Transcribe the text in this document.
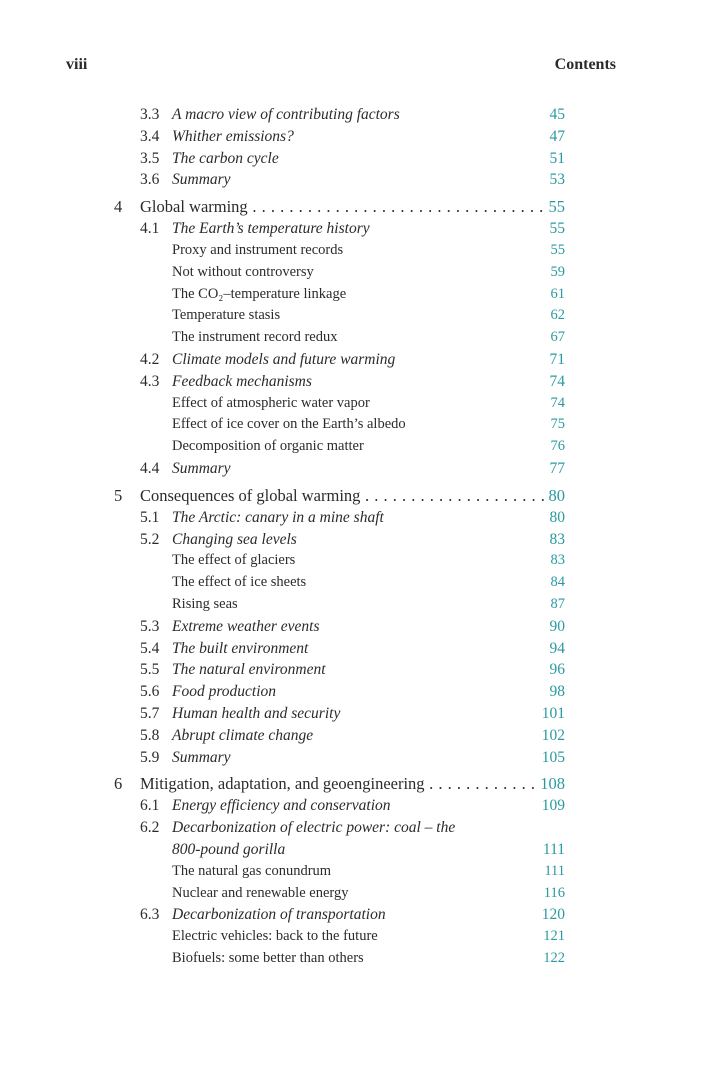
viii	Contents
3.3 A macro view of contributing factors	45
3.4 Whither emissions?	47
3.5 The carbon cycle	51
3.6 Summary	53
4 Global warming . . .	55
4.1 The Earth’s temperature history	55
Proxy and instrument records	55
Not without controversy	59
The CO₂–temperature linkage	61
Temperature stasis	62
The instrument record redux	67
4.2 Climate models and future warming	71
4.3 Feedback mechanisms	74
Effect of atmospheric water vapor	74
Effect of ice cover on the Earth’s albedo	75
Decomposition of organic matter	76
4.4 Summary	77
5 Consequences of global warming . . .	80
5.1 The Arctic: canary in a mine shaft	80
5.2 Changing sea levels	83
The effect of glaciers	83
The effect of ice sheets	84
Rising seas	87
5.3 Extreme weather events	90
5.4 The built environment	94
5.5 The natural environment	96
5.6 Food production	98
5.7 Human health and security	101
5.8 Abrupt climate change	102
5.9 Summary	105
6 Mitigation, adaptation, and geoengineering . . .	108
6.1 Energy efficiency and conservation	109
6.2 Decarbonization of electric power: coal – the
800-pound gorilla	111
The natural gas conundrum	111
Nuclear and renewable energy	116
6.3 Decarbonization of transportation	120
Electric vehicles: back to the future	121
Biofuels: some better than others	122
